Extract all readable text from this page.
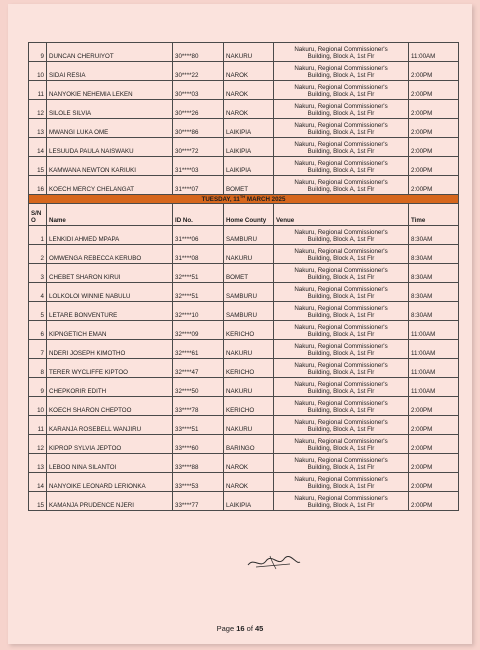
9	DUNCAN CHERUIYOT	30****80	NAKURU	Nakuru, Regional Commissioner's
Building, Block A, 1st Flr	11:00AM
10	SIDAI RESIA	30****22	NAROK	Nakuru, Regional Commissioner's
Building, Block A, 1st Flr	2:00PM
11	NANYOKIE NEHEMIA LEKEN	30****03	NAROK	Nakuru, Regional Commissioner's
Building, Block A, 1st Flr	2:00PM
12	SILOLE SILVIA	30****26	NAROK	Nakuru, Regional Commissioner's
Building, Block A, 1st Flr	2:00PM
13	MWANGI LUKA OME	30****86	LAIKIPIA	Nakuru, Regional Commissioner's
Building, Block A, 1st Flr	2:00PM
14	LESUUDA PAULA NAISWAKU	30****72	LAIKIPIA	Nakuru, Regional Commissioner's
Building, Block A, 1st Flr	2:00PM
15	KAMWANA NEWTON KARIUKI	31****03	LAIKIPIA	Nakuru, Regional Commissioner's
Building, Block A, 1st Flr	2:00PM
16	KOECH MERCY CHELANGAT	31****07	BOMET	Nakuru, Regional Commissioner's
Building, Block A, 1st Flr	2:00PM
TUESDAY, 11TH MARCH 2025					
S/N O	Name	ID No.	Home County	Venue	Time
1	LENKIDI AHMED MPAPA	31****06	SAMBURU	Nakuru, Regional Commissioner's
Building, Block A, 1st Flr	8:30AM
2	OMWENGA REBECCA KERUBO	31****08	NAKURU	Nakuru, Regional Commissioner's
Building, Block A, 1st Flr	8:30AM
3	CHEBET SHARON KIRUI	32****51	BOMET	Nakuru, Regional Commissioner's
Building, Block A, 1st Flr	8:30AM
4	LOLKOLOI WINNIE NABULU	32****51	SAMBURU	Nakuru, Regional Commissioner's
Building, Block A, 1st Flr	8:30AM
5	LETARE BONVENTURE	32****10	SAMBURU	Nakuru, Regional Commissioner's
Building, Block A, 1st Flr	8:30AM
6	KIPNGETICH EMAN	32****09	KERICHO	Nakuru, Regional Commissioner's
Building, Block A, 1st Flr	11:00AM
7	NDERI JOSEPH KIMOTHO	32****61	NAKURU	Nakuru, Regional Commissioner's
Building, Block A, 1st Flr	11:00AM
8	TERER WYCLIFFE KIPTOO	32****47	KERICHO	Nakuru, Regional Commissioner's
Building, Block A, 1st Flr	11:00AM
9	CHEPKORIR EDITH	32****50	NAKURU	Nakuru, Regional Commissioner's
Building, Block A, 1st Flr	11:00AM
10	KOECH SHARON CHEPTOO	33****78	KERICHO	Nakuru, Regional Commissioner's
Building, Block A, 1st Flr	2:00PM
11	KARANJA ROSEBELL WANJIRU	33****51	NAKURU	Nakuru, Regional Commissioner's
Building, Block A, 1st Flr	2:00PM
12	KIPROP SYLVIA JEPTOO	33****60	BARINGO	Nakuru, Regional Commissioner's
Building, Block A, 1st Flr	2:00PM
13	LEBOO NINA SILANTOI	33****88	NAROK	Nakuru, Regional Commissioner's
Building, Block A, 1st Flr	2:00PM
14	NANYOIKE LEONARD LERIONKA	33****53	NAROK	Nakuru, Regional Commissioner's
Building, Block A, 1st Flr	2:00PM
15	KAMANJA PRUDENCE NJERI	33****77	LAIKIPIA	Nakuru, Regional Commissioner's
Building, Block A, 1st Flr	2:00PM
Page 16 of 45
